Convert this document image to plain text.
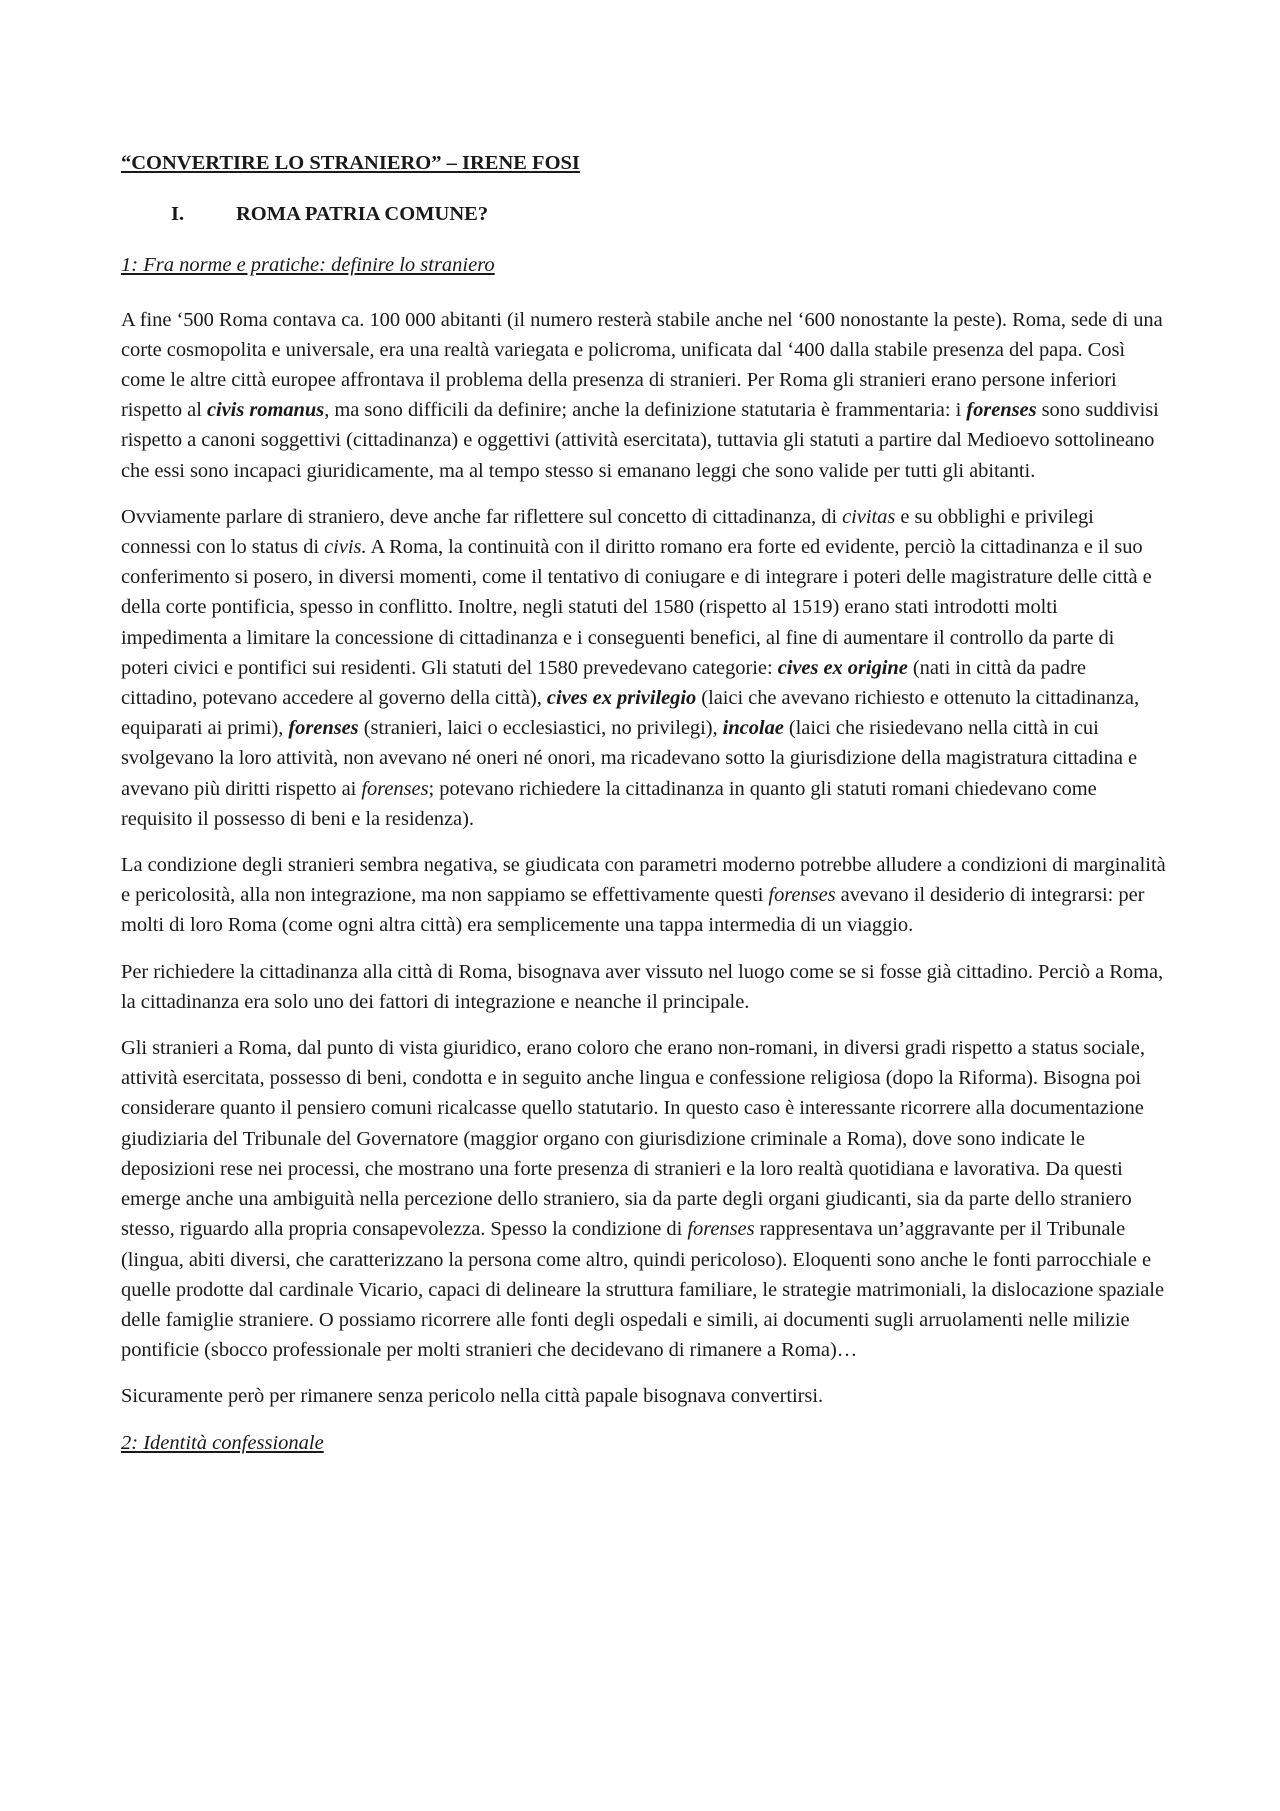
“CONVERTIRE LO STRANIERO” – IRENE FOSI
I.	ROMA PATRIA COMUNE?
1: Fra norme e pratiche: definire lo straniero

A fine ‘500 Roma contava ca. 100 000 abitanti (il numero resterà stabile anche nel ‘600 nonostante la peste). Roma, sede di una corte cosmopolita e universale, era una realtà variegata e policroma, unificata dal ‘400 dalla stabile presenza del papa. Così come le altre città europee affrontava il problema della presenza di stranieri. Per Roma gli stranieri erano persone inferiori rispetto al civis romanus, ma sono difficili da definire; anche la definizione statutaria è frammentaria: i forenses sono suddivisi rispetto a canoni soggettivi (cittadinanza) e oggettivi (attività esercitata), tuttavia gli statuti a partire dal Medioevo sottolineano che essi sono incapaci giuridicamente, ma al tempo stesso si emanano leggi che sono valide per tutti gli abitanti.

Ovviamente parlare di straniero, deve anche far riflettere sul concetto di cittadinanza, di civitas e su obblighi e privilegi connessi con lo status di civis. A Roma, la continuità con il diritto romano era forte ed evidente, perciò la cittadinanza e il suo conferimento si posero, in diversi momenti, come il tentativo di coniugare e di integrare i poteri delle magistrature delle città e della corte pontificia, spesso in conflitto. Inoltre, negli statuti del 1580 (rispetto al 1519) erano stati introdotti molti impedimenta a limitare la concessione di cittadinanza e i conseguenti benefici, al fine di aumentare il controllo da parte di poteri civici e pontifici sui residenti. Gli statuti del 1580 prevedevano categorie: cives ex origine (nati in città da padre cittadino, potevano accedere al governo della città), cives ex privilegio (laici che avevano richiesto e ottenuto la cittadinanza, equiparati ai primi), forenses (stranieri, laici o ecclesiastici, no privilegi), incolae (laici che risiedevano nella città in cui svolgevano la loro attività, non avevano né oneri né onori, ma ricadevano sotto la giurisdizione della magistratura cittadina e avevano più diritti rispetto ai forenses; potevano richiedere la cittadinanza in quanto gli statuti romani chiedevano come requisito il possesso di beni e la residenza).

La condizione degli stranieri sembra negativa, se giudicata con parametri moderno potrebbe alludere a condizioni di marginalità e pericolosità, alla non integrazione, ma non sappiamo se effettivamente questi forenses avevano il desiderio di integrarsi: per molti di loro Roma (come ogni altra città) era semplicemente una tappa intermedia di un viaggio.

Per richiedere la cittadinanza alla città di Roma, bisognava aver vissuto nel luogo come se si fosse già cittadino. Perciò a Roma, la cittadinanza era solo uno dei fattori di integrazione e neanche il principale.

Gli stranieri a Roma, dal punto di vista giuridico, erano coloro che erano non-romani, in diversi gradi rispetto a status sociale, attività esercitata, possesso di beni, condotta e in seguito anche lingua e confessione religiosa (dopo la Riforma). Bisogna poi considerare quanto il pensiero comuni ricalcasse quello statutario. In questo caso è interessante ricorrere alla documentazione giudiziaria del Tribunale del Governatore (maggior organo con giurisdizione criminale a Roma), dove sono indicate le deposizioni rese nei processi, che mostrano una forte presenza di stranieri e la loro realtà quotidiana e lavorativa. Da questi emerge anche una ambiguità nella percezione dello straniero, sia da parte degli organi giudicanti, sia da parte dello straniero stesso, riguardo alla propria consapevolezza. Spesso la condizione di forenses rappresentava un’aggravante per il Tribunale (lingua, abiti diversi, che caratterizzano la persona come altro, quindi pericoloso). Eloquenti sono anche le fonti parrocchiale e quelle prodotte dal cardinale Vicario, capaci di delineare la struttura familiare, le strategie matrimoniali, la dislocazione spaziale delle famiglie straniere. O possiamo ricorrere alle fonti degli ospedali e simili, ai documenti sugli arruolamenti nelle milizie pontificie (sbocco professionale per molti stranieri che decidevano di rimanere a Roma)…

Sicuramente però per rimanere senza pericolo nella città papale bisognava convertirsi.

2: Identità confessionale
